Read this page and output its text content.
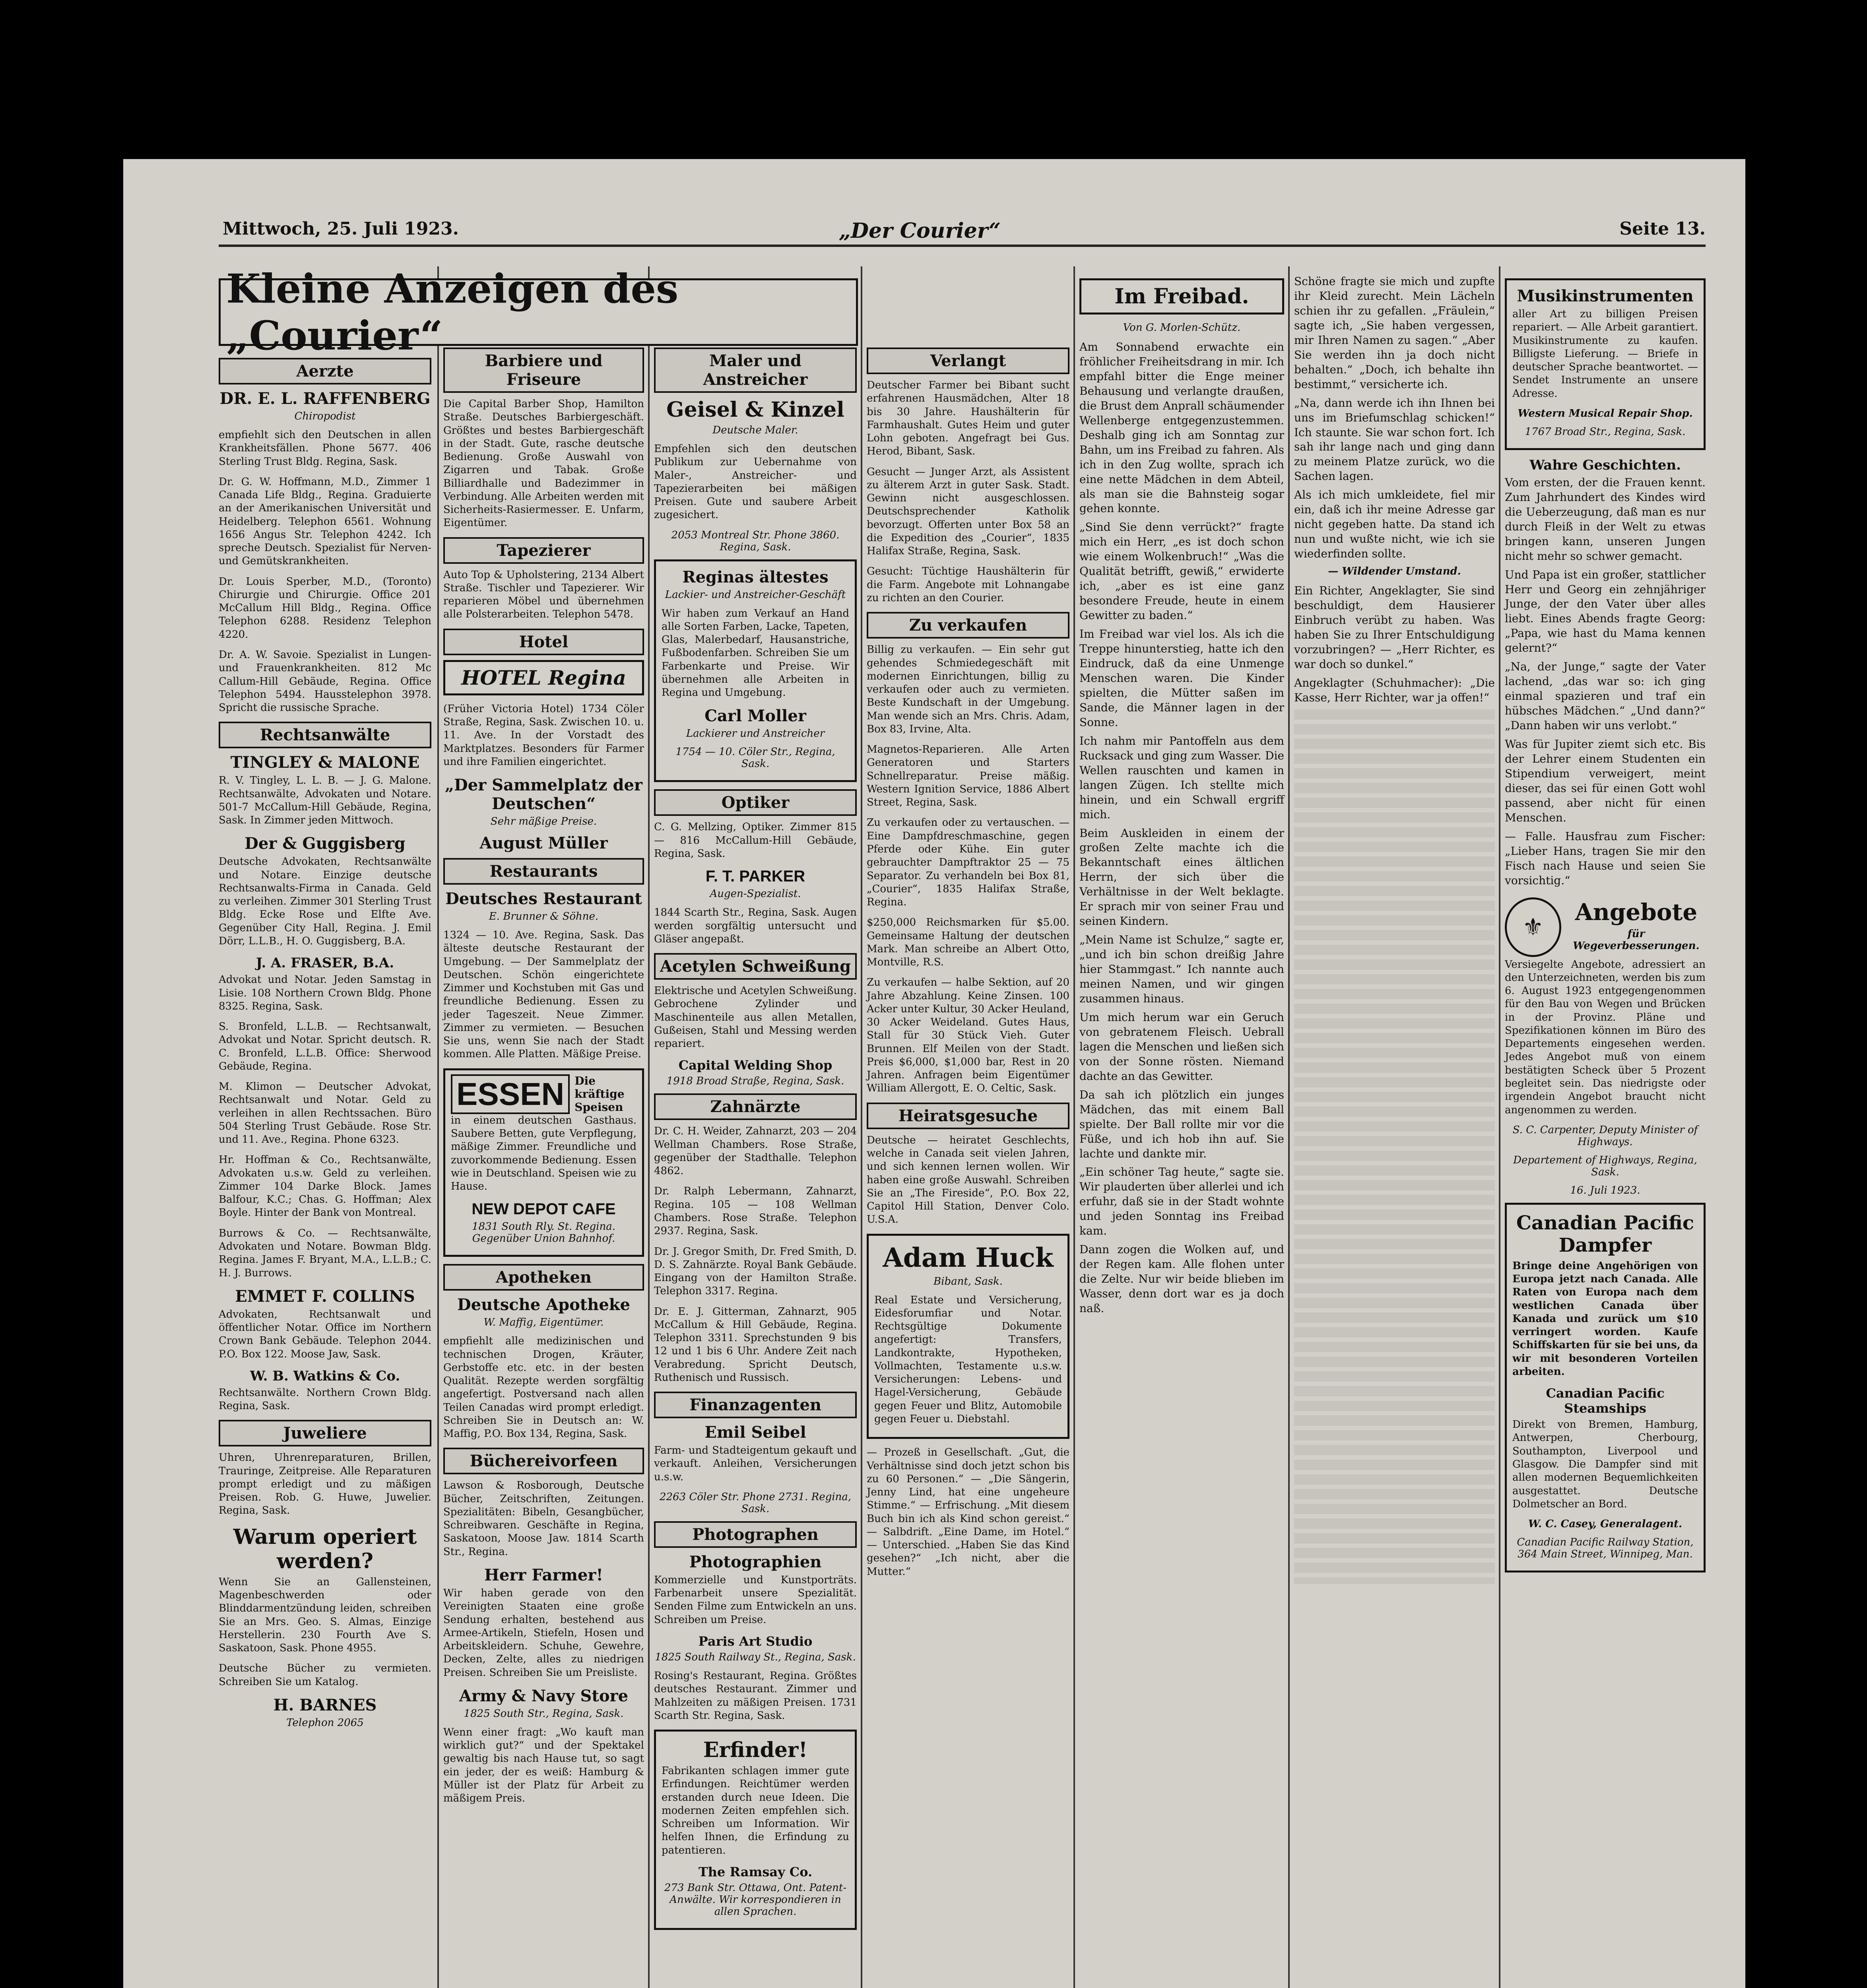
Mittwoch, 25. Juli 1923.	„Der Courier“	Seite 13.
Kleine Anzeigen des „Courier“
Aerzte
DR. E. L. RAFFENBERG
Chiropodist

empfiehlt sich den Deutschen in allen Krankheitsfällen. Phone 5677. 406 Sterling Trust Bldg. Regina, Sask.

Dr. G. W. Hoffmann, M.D., Zimmer 1 Canada Life Bldg., Regina. Graduierte an der Amerikanischen Universität und Heidelberg. Telephon 6561. Wohnung 1656 Angus Str. Telephon 4242. Ich spreche Deutsch. Spezialist für Nerven- und Gemütskrankheiten.

Dr. Louis Sperber, M.D., (Toronto) Chirurgie und Chirurgie. Office 201 McCallum Hill Bldg., Regina. Office Telephon 6288. Residenz Telephon 4220.

Dr. A. W. Savoie. Spezialist in Lungen- und Frauenkrankheiten. 812 Mc Callum-Hill Gebäude, Regina. Office Telephon 5494. Hausstelephon 3978. Spricht die russische Sprache.

Rechtsanwälte
TINGLEY & MALONE

R. V. Tingley, L. L. B. — J. G. Malone. Rechtsanwälte, Advokaten und Notare. 501-7 McCallum-Hill Gebäude, Regina, Sask. In Zimmer jeden Mittwoch.

Der & Guggisberg

Deutsche Advokaten, Rechtsanwälte und Notare. Einzige deutsche Rechtsanwalts-Firma in Canada. Geld zu verleihen. Zimmer 301 Sterling Trust Bldg. Ecke Rose und Elfte Ave. Gegenüber City Hall, Regina. J. Emil Dörr, L.L.B., H. O. Guggisberg, B.A.

J. A. FRASER, B.A.

Advokat und Notar. Jeden Samstag in Lisie. 108 Northern Crown Bldg. Phone 8325. Regina, Sask.

S. Bronfeld, L.L.B. — Rechtsanwalt, Advokat und Notar. Spricht deutsch. R. C. Bronfeld, L.L.B. Office: Sherwood Gebäude, Regina.

M. Klimon — Deutscher Advokat, Rechtsanwalt und Notar. Geld zu verleihen in allen Rechtssachen. Büro 504 Sterling Trust Gebäude. Rose Str. und 11. Ave., Regina. Phone 6323.

Hr. Hoffman & Co., Rechtsanwälte, Advokaten u.s.w. Geld zu verleihen. Zimmer 104 Darke Block. James Balfour, K.C.; Chas. G. Hoffman; Alex Boyle. Hinter der Bank von Montreal.

Burrows & Co. — Rechtsanwälte, Advokaten und Notare. Bowman Bldg. Regina. James F. Bryant, M.A., L.L.B.; C. H. J. Burrows.

EMMET F. COLLINS

Advokaten, Rechtsanwalt und öffentlicher Notar. Office im Northern Crown Bank Gebäude. Telephon 2044. P.O. Box 122. Moose Jaw, Sask.

W. B. Watkins & Co.

Rechtsanwälte. Northern Crown Bldg. Regina, Sask.

Juweliere

Uhren, Uhrenreparaturen, Brillen, Trauringe, Zeitpreise. Alle Reparaturen prompt erledigt und zu mäßigen Preisen. Rob. G. Huwe, Juwelier. Regina, Sask.

Warum operiert werden?

Wenn Sie an Gallensteinen, Magenbeschwerden oder Blinddarmentzündung leiden, schreiben Sie an Mrs. Geo. S. Almas, Einzige Herstellerin. 230 Fourth Ave S. Saskatoon, Sask. Phone 4955.

Deutsche Bücher zu vermieten. Schreiben Sie um Katalog.

H. BARNES
Telephon 2065
Barbiere und Friseure

Die Capital Barber Shop, Hamilton Straße. Deutsches Barbiergeschäft. Größtes und bestes Barbiergeschäft in der Stadt. Gute, rasche deutsche Bedienung. Große Auswahl von Zigarren und Tabak. Große Billiardhalle und Badezimmer in Verbindung. Alle Arbeiten werden mit Sicherheits-Rasiermesser. E. Unfarm, Eigentümer.

Tapezierer

Auto Top & Upholstering, 2134 Albert Straße. Tischler und Tapezierer. Wir reparieren Möbel und übernehmen alle Polsterarbeiten. Telephon 5478.

Hotel
HOTEL Regina

(Früher Victoria Hotel) 1734 Cöler Straße, Regina, Sask. Zwischen 10. u. 11. Ave. In der Vorstadt des Marktplatzes. Besonders für Farmer und ihre Familien eingerichtet.

„Der Sammelplatz der Deutschen“
Sehr mäßige Preise.
August Müller
Restaurants
Deutsches Restaurant
E. Brunner & Söhne.

1324 — 10. Ave. Regina, Sask. Das älteste deutsche Restaurant der Umgebung. — Der Sammelplatz der Deutschen. Schön eingerichtete Zimmer und Kochstuben mit Gas und freundliche Bedienung. Essen zu jeder Tageszeit. Neue Zimmer. Zimmer zu vermieten. — Besuchen Sie uns, wenn Sie nach der Stadt kommen. Alle Platten. Mäßige Preise.

ESSEN Die kräftige Speisen

in einem deutschen Gasthaus. Saubere Betten, gute Verpflegung, mäßige Zimmer. Freundliche und zuvorkommende Bedienung. Essen wie in Deutschland. Speisen wie zu Hause.

NEW DEPOT CAFE
1831 South Rly. St. Regina. Gegenüber Union Bahnhof.
Apotheken
Deutsche Apotheke
W. Maffig, Eigentümer.

empfiehlt alle medizinischen und technischen Drogen, Kräuter, Gerbstoffe etc. etc. in der besten Qualität. Rezepte werden sorgfältig angefertigt. Postversand nach allen Teilen Canadas wird prompt erledigt. Schreiben Sie in Deutsch an: W. Maffig, P.O. Box 134, Regina, Sask.

Büchereivorfeen

Lawson & Rosborough, Deutsche Bücher, Zeitschriften, Zeitungen. Spezialitäten: Bibeln, Gesangbücher, Schreibwaren. Geschäfte in Regina, Saskatoon, Moose Jaw. 1814 Scarth Str., Regina.

Herr Farmer!

Wir haben gerade von den Vereinigten Staaten eine große Sendung erhalten, bestehend aus Armee-Artikeln, Stiefeln, Hosen und Arbeitskleidern. Schuhe, Gewehre, Decken, Zelte, alles zu niedrigen Preisen. Schreiben Sie um Preisliste.

Army & Navy Store
1825 South Str., Regina, Sask.

Wenn einer fragt: „Wo kauft man wirklich gut?“ und der Spektakel gewaltig bis nach Hause tut, so sagt ein jeder, der es weiß: Hamburg & Müller ist der Platz für Arbeit zu mäßigem Preis.

Maler und Anstreicher
Geisel & Kinzel
Deutsche Maler.

Empfehlen sich den deutschen Publikum zur Uebernahme von Maler-, Anstreicher- und Tapezierarbeiten bei mäßigen Preisen. Gute und saubere Arbeit zugesichert.

2053 Montreal Str. Phone 3860. Regina, Sask.
Reginas ältestes
Lackier- und Anstreicher-Geschäft

Wir haben zum Verkauf an Hand alle Sorten Farben, Lacke, Tapeten, Glas, Malerbedarf, Hausanstriche, Fußbodenfarben. Schreiben Sie um Farbenkarte und Preise. Wir übernehmen alle Arbeiten in Regina und Umgebung.

Carl Moller
Lackierer und Anstreicher
1754 — 10. Cöler Str., Regina, Sask.
Optiker

C. G. Mellzing, Optiker. Zimmer 815 — 816 McCallum-Hill Gebäude, Regina, Sask.

F. T. PARKER
Augen-Spezialist.

1844 Scarth Str., Regina, Sask. Augen werden sorgfältig untersucht und Gläser angepaßt.

Acetylen Schweißung

Elektrische und Acetylen Schweißung. Gebrochene Zylinder und Maschinenteile aus allen Metallen, Gußeisen, Stahl und Messing werden repariert.

Capital Welding Shop
1918 Broad Straße, Regina, Sask.
Zahnärzte

Dr. C. H. Weider, Zahnarzt, 203 — 204 Wellman Chambers. Rose Straße, gegenüber der Stadthalle. Telephon 4862.

Dr. Ralph Lebermann, Zahnarzt, Regina. 105 — 108 Wellman Chambers. Rose Straße. Telephon 2937. Regina, Sask.

Dr. J. Gregor Smith, Dr. Fred Smith, D. D. S. Zahnärzte. Royal Bank Gebäude. Eingang von der Hamilton Straße. Telephon 3317. Regina.

Dr. E. J. Gitterman, Zahnarzt, 905 McCallum & Hill Gebäude, Regina. Telephon 3311. Sprechstunden 9 bis 12 und 1 bis 6 Uhr. Andere Zeit nach Verabredung. Spricht Deutsch, Ruthenisch und Russisch.

Finanzagenten
Emil Seibel

Farm- und Stadteigentum gekauft und verkauft. Anleihen, Versicherungen u.s.w.

2263 Cöler Str. Phone 2731. Regina, Sask.
Photographen
Photographien

Kommerzielle und Kunstporträts. Farbenarbeit unsere Spezialität. Senden Filme zum Entwickeln an uns. Schreiben um Preise.

Paris Art Studio
1825 South Railway St., Regina, Sask.

Rosing's Restaurant, Regina. Größtes deutsches Restaurant. Zimmer und Mahlzeiten zu mäßigen Preisen. 1731 Scarth Str. Regina, Sask.

Erfinder!

Fabrikanten schlagen immer gute Erfindungen. Reichtümer werden erstanden durch neue Ideen. Die modernen Zeiten empfehlen sich. Schreiben um Information. Wir helfen Ihnen, die Erfindung zu patentieren.

The Ramsay Co.
273 Bank Str. Ottawa, Ont. Patent-Anwälte. Wir korrespondieren in allen Sprachen.
Verlangt

Deutscher Farmer bei Bibant sucht erfahrenen Hausmädchen, Alter 18 bis 30 Jahre. Haushälterin für Farmhaushalt. Gutes Heim und guter Lohn geboten. Angefragt bei Gus. Herod, Bibant, Sask.

Gesucht — Junger Arzt, als Assistent zu älterem Arzt in guter Sask. Stadt. Gewinn nicht ausgeschlossen. Deutschsprechender Katholik bevorzugt. Offerten unter Box 58 an die Expedition des „Courier“, 1835 Halifax Straße, Regina, Sask.

Gesucht: Tüchtige Haushälterin für die Farm. Angebote mit Lohnangabe zu richten an den Courier.

Zu verkaufen

Billig zu verkaufen. — Ein sehr gut gehendes Schmiedegeschäft mit modernen Einrichtungen, billig zu verkaufen oder auch zu vermieten. Beste Kundschaft in der Umgebung. Man wende sich an Mrs. Chris. Adam, Box 83, Irvine, Alta.

Magnetos-Reparieren. Alle Arten Generatoren und Starters Schnellreparatur. Preise mäßig. Western Ignition Service, 1886 Albert Street, Regina, Sask.

Zu verkaufen oder zu vertauschen. — Eine Dampfdreschmaschine, gegen Pferde oder Kühe. Ein guter gebrauchter Dampftraktor 25 — 75 Separator. Zu verhandeln bei Box 81, „Courier“, 1835 Halifax Straße, Regina.

$250,000 Reichsmarken für $5.00. Gemeinsame Haltung der deutschen Mark. Man schreibe an Albert Otto, Montville, R.S.

Zu verkaufen — halbe Sektion, auf 20 Jahre Abzahlung. Keine Zinsen. 100 Acker unter Kultur, 30 Acker Heuland, 30 Acker Weideland. Gutes Haus, Stall für 30 Stück Vieh. Guter Brunnen. Elf Meilen von der Stadt. Preis $6,000, $1,000 bar, Rest in 20 Jahren. Anfragen beim Eigentümer William Allergott, E. O. Celtic, Sask.

Heiratsgesuche

Deutsche — heiratet Geschlechts, welche in Canada seit vielen Jahren, und sich kennen lernen wollen. Wir haben eine große Auswahl. Schreiben Sie an „The Fireside“, P.O. Box 22, Capitol Hill Station, Denver Colo. U.S.A.

Adam Huck
Bibant, Sask.

Real Estate und Versicherung, Eidesforumfiar und Notar. Rechtsgültige Dokumente angefertigt: Transfers, Landkontrakte, Hypotheken, Vollmachten, Testamente u.s.w. Versicherungen: Lebens- und Hagel-Versicherung, Gebäude gegen Feuer und Blitz, Automobile gegen Feuer u. Diebstahl.

— Prozeß in Gesellschaft. „Gut, die Verhältnisse sind doch jetzt schon bis zu 60 Personen.“ — „Die Sängerin, Jenny Lind, hat eine ungeheure Stimme.“ — Erfrischung. „Mit diesem Buch bin ich als Kind schon gereist.“ — Salbdrift. „Eine Dame, im Hotel.“ — Unterschied. „Haben Sie das Kind gesehen?“ „Ich nicht, aber die Mutter.“

Im Freibad.
Von G. Morlen-Schütz.

Am Sonnabend erwachte ein fröhlicher Freiheitsdrang in mir. Ich empfahl bitter die Enge meiner Behausung und verlangte draußen, die Brust dem Anprall schäumender Wellenberge entgegenzustemmen. Deshalb ging ich am Sonntag zur Bahn, um ins Freibad zu fahren. Als ich in den Zug wollte, sprach ich eine nette Mädchen in dem Abteil, als man sie die Bahnsteig sogar gehen konnte.

„Sind Sie denn verrückt?“ fragte mich ein Herr, „es ist doch schon wie einem Wolkenbruch!“ „Was die Qualität betrifft, gewiß,“ erwiderte ich, „aber es ist eine ganz besondere Freude, heute in einem Gewitter zu baden.“

Im Freibad war viel los. Als ich die Treppe hinunterstieg, hatte ich den Eindruck, daß da eine Unmenge Menschen waren. Die Kinder spielten, die Mütter saßen im Sande, die Männer lagen in der Sonne.

Ich nahm mir Pantoffeln aus dem Rucksack und ging zum Wasser. Die Wellen rauschten und kamen in langen Zügen. Ich stellte mich hinein, und ein Schwall ergriff mich.

Beim Auskleiden in einem der großen Zelte machte ich die Bekanntschaft eines ältlichen Herrn, der sich über die Verhältnisse in der Welt beklagte. Er sprach mir von seiner Frau und seinen Kindern.

„Mein Name ist Schulze,“ sagte er, „und ich bin schon dreißig Jahre hier Stammgast.“ Ich nannte auch meinen Namen, und wir gingen zusammen hinaus.

Um mich herum war ein Geruch von gebratenem Fleisch. Uebrall lagen die Menschen und ließen sich von der Sonne rösten. Niemand dachte an das Gewitter.

Da sah ich plötzlich ein junges Mädchen, das mit einem Ball spielte. Der Ball rollte mir vor die Füße, und ich hob ihn auf. Sie lachte und dankte mir.

„Ein schöner Tag heute,“ sagte sie. Wir plauderten über allerlei und ich erfuhr, daß sie in der Stadt wohnte und jeden Sonntag ins Freibad kam.

Dann zogen die Wolken auf, und der Regen kam. Alle flohen unter die Zelte. Nur wir beide blieben im Wasser, denn dort war es ja doch naß.

Schöne fragte sie mich und zupfte ihr Kleid zurecht. Mein Lächeln schien ihr zu gefallen. „Fräulein,“ sagte ich, „Sie haben vergessen, mir Ihren Namen zu sagen.“ „Aber Sie werden ihn ja doch nicht behalten.“ „Doch, ich behalte ihn bestimmt,“ versicherte ich.

„Na, dann werde ich ihn Ihnen bei uns im Briefumschlag schicken!“ Ich staunte. Sie war schon fort. Ich sah ihr lange nach und ging dann zu meinem Platze zurück, wo die Sachen lagen.

Als ich mich umkleidete, fiel mir ein, daß ich ihr meine Adresse gar nicht gegeben hatte. Da stand ich nun und wußte nicht, wie ich sie wiederfinden sollte.

— Wildender Umstand.

Ein Richter, Angeklagter, Sie sind beschuldigt, dem Hausierer Einbruch verübt zu haben. Was haben Sie zu Ihrer Entschuldigung vorzubringen? — „Herr Richter, es war doch so dunkel.“

Angeklagter (Schuhmacher): „Die Kasse, Herr Richter, war ja offen!“

Musikinstrumenten

aller Art zu billigen Preisen repariert. — Alle Arbeit garantiert. Musikinstrumente zu kaufen. Billigste Lieferung. — Briefe in deutscher Sprache beantwortet. — Sendet Instrumente an unsere Adresse.

Western Musical Repair Shop.
1767 Broad Str., Regina, Sask.
Wahre Geschichten.

Vom ersten, der die Frauen kennt. Zum Jahrhundert des Kindes wird die Ueberzeugung, daß man es nur durch Fleiß in der Welt zu etwas bringen kann, unseren Jungen nicht mehr so schwer gemacht.

Und Papa ist ein großer, stattlicher Herr und Georg ein zehnjähriger Junge, der den Vater über alles liebt. Eines Abends fragte Georg: „Papa, wie hast du Mama kennen gelernt?“

„Na, der Junge,“ sagte der Vater lachend, „das war so: ich ging einmal spazieren und traf ein hübsches Mädchen.“ „Und dann?“ „Dann haben wir uns verlobt.“

Was für Jupiter ziemt sich etc. Bis der Lehrer einem Studenten ein Stipendium verweigert, meint dieser, das sei für einen Gott wohl passend, aber nicht für einen Menschen.

— Falle. Hausfrau zum Fischer: „Lieber Hans, tragen Sie mir den Fisch nach Hause und seien Sie vorsichtig.“

⚜
Angebote
für Wegeverbesserungen.

Versiegelte Angebote, adressiert an den Unterzeichneten, werden bis zum 6. August 1923 entgegengenommen für den Bau von Wegen und Brücken in der Provinz. Pläne und Spezifikationen können im Büro des Departements eingesehen werden. Jedes Angebot muß von einem bestätigten Scheck über 5 Prozent begleitet sein. Das niedrigste oder irgendein Angebot braucht nicht angenommen zu werden.

S. C. Carpenter, Deputy Minister of Highways.
Departement of Highways, Regina, Sask.
16. Juli 1923.
Canadian Pacific Dampfer

Bringe deine Angehörigen von Europa jetzt nach Canada. Alle Raten von Europa nach dem westlichen Canada über Kanada und zurück um $10 verringert worden. Kaufe Schiffskarten für sie bei uns, da wir mit besonderen Vorteilen arbeiten.

Canadian Pacific Steamships

Direkt von Bremen, Hamburg, Antwerpen, Cherbourg, Southampton, Liverpool und Glasgow. Die Dampfer sind mit allen modernen Bequemlichkeiten ausgestattet. Deutsche Dolmetscher an Bord.

W. C. Casey, Generalagent.
Canadian Pacific Railway Station, 364 Main Street, Winnipeg, Man.
